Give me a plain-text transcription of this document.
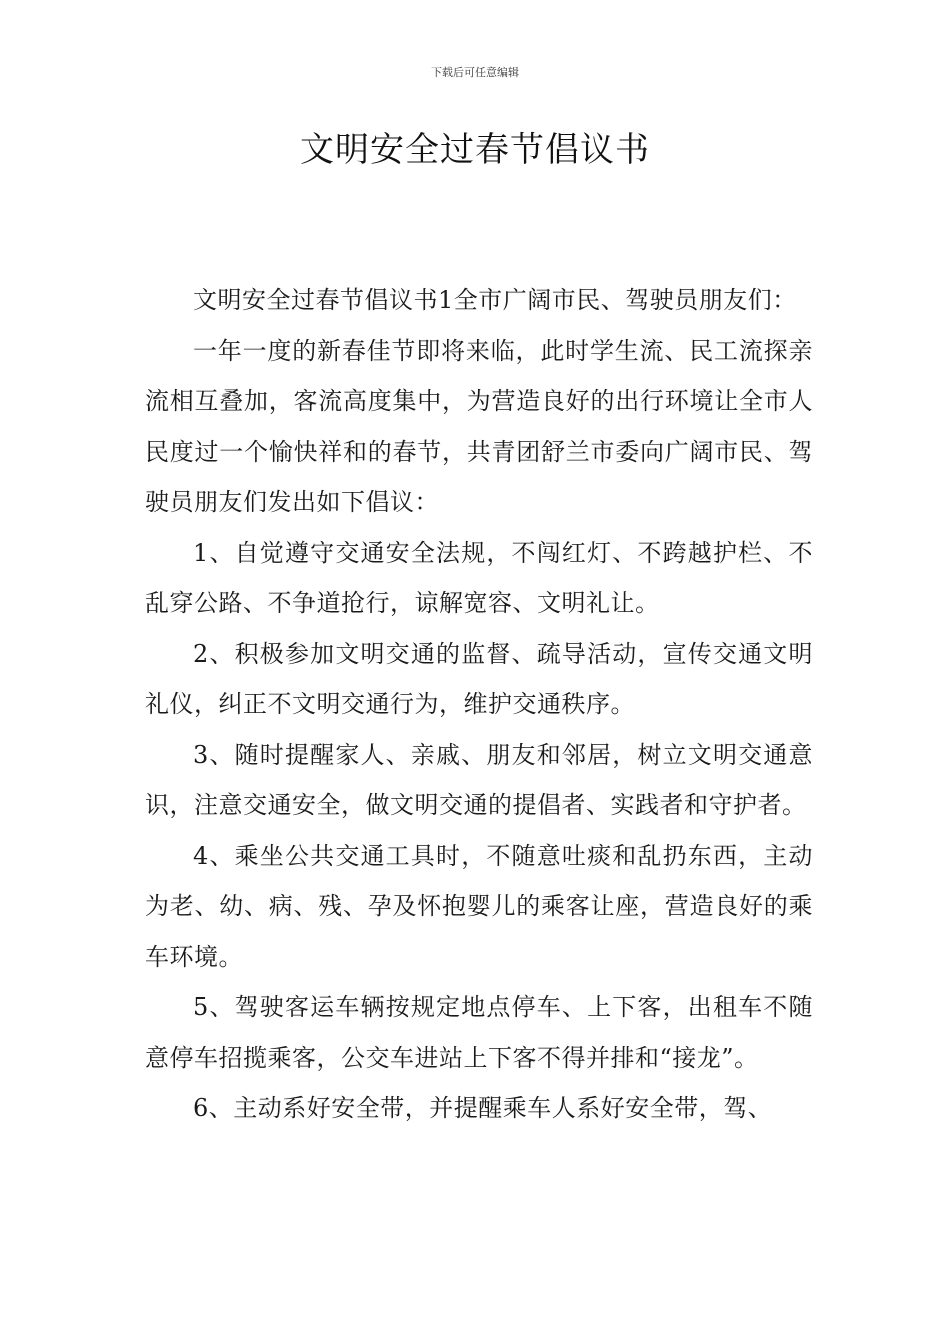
下载后可任意编辑
文明安全过春节倡议书

文明安全过春节倡议书1全市广阔市民、驾驶员朋友们：

一年一度的新春佳节即将来临，此时学生流、民工流探亲流相互叠加，客流高度集中，为营造良好的出行环境让全市人民度过一个愉快祥和的春节，共青团舒兰市委向广阔市民、驾驶员朋友们发出如下倡议：

1、自觉遵守交通安全法规，不闯红灯、不跨越护栏、不乱穿公路、不争道抢行，谅解宽容、文明礼让。

2、积极参加文明交通的监督、疏导活动，宣传交通文明礼仪，纠正不文明交通行为，维护交通秩序。

3、随时提醒家人、亲戚、朋友和邻居，树立文明交通意识，注意交通安全，做文明交通的提倡者、实践者和守护者。

4、乘坐公共交通工具时，不随意吐痰和乱扔东西，主动为老、幼、病、残、孕及怀抱婴儿的乘客让座，营造良好的乘车环境。

5、驾驶客运车辆按规定地点停车、上下客，出租车不随意停车招揽乘客，公交车进站上下客不得并排和“接龙”。

6、主动系好安全带，并提醒乘车人系好安全带，驾、
